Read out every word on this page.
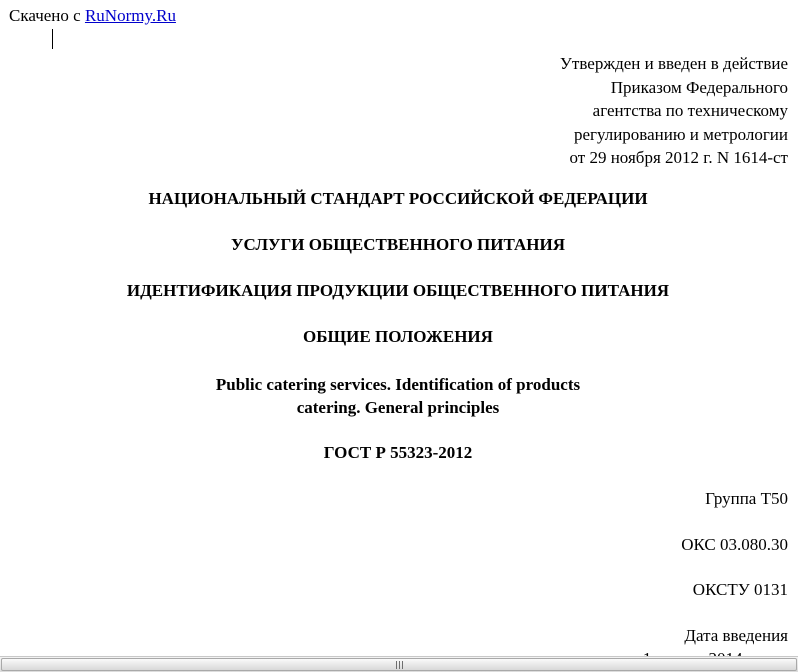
Скачено с RuNormy.Ru
Утвержден и введен в действие
Приказом Федерального
агентства по техническому
регулированию и метрологии
от 29 ноября 2012 г. N 1614-ст
НАЦИОНАЛЬНЫЙ СТАНДАРТ РОССИЙСКОЙ ФЕДЕРАЦИИ
УСЛУГИ ОБЩЕСТВЕННОГО ПИТАНИЯ
ИДЕНТИФИКАЦИЯ ПРОДУКЦИИ ОБЩЕСТВЕННОГО ПИТАНИЯ
ОБЩИЕ ПОЛОЖЕНИЯ
Public catering services. Identification of products
catering. General principles
ГОСТ Р 55323-2012
Группа Т50
ОКС 03.080.30
ОКСТУ 0131
Дата введения
